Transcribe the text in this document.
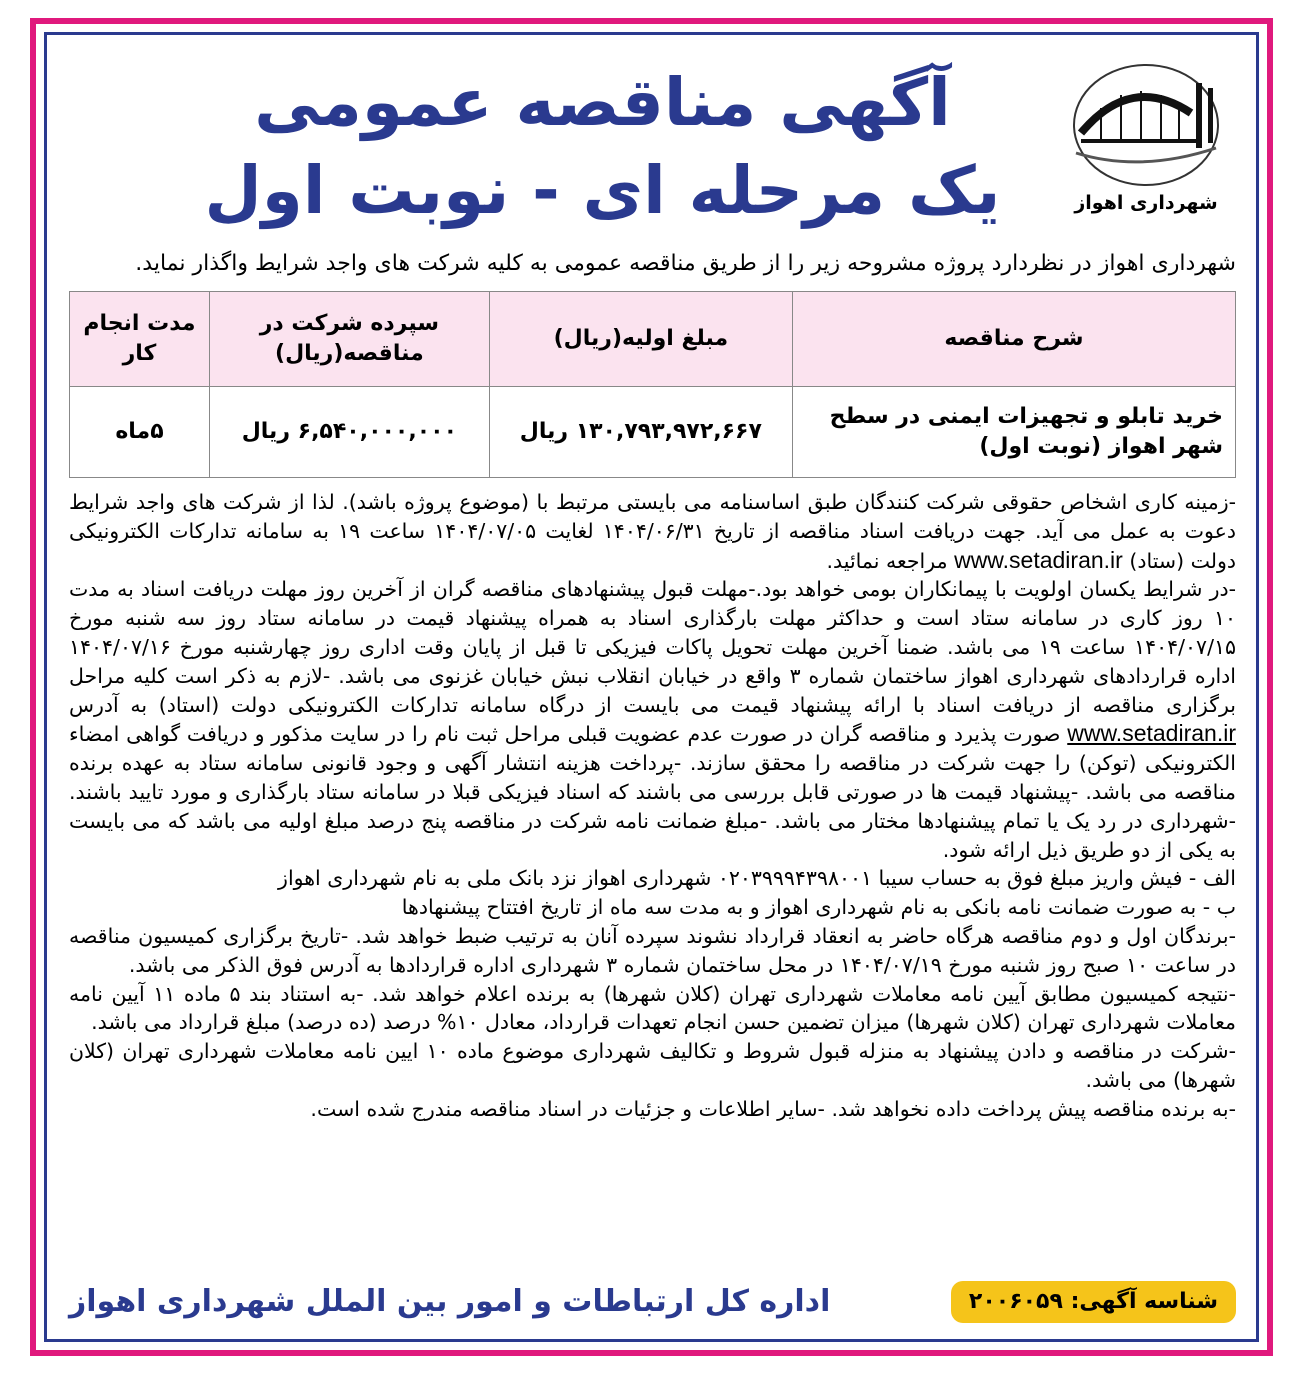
شهرداری اهواز
آگهی مناقصه عمومی
یک مرحله ای - نوبت اول
شهرداری اهواز در نظردارد پروژه مشروحه زیر را از طریق مناقصه عمومی به کلیه شرکت های واجد شرایط واگذار نماید.
شرح مناقصه	مبلغ اولیه(ریال)	سپرده شرکت در مناقصه(ریال)	مدت انجام کار
خرید تابلو و تجهیزات ایمنی در سطح شهر اهواز (نوبت اول)	۱۳۰,۷۹۳,۹۷۲,۶۶۷ ریال	۶,۵۴۰,۰۰۰,۰۰۰ ریال	۵ماه

-زمینه کاری اشخاص حقوقی شرکت کنندگان طبق اساسنامه می بایستی مرتبط با (موضوع پروژه باشد). لذا از شرکت های واجد شرایط دعوت به عمل می آید. جهت دریافت اسناد مناقصه از تاریخ ۱۴۰۴/۰۶/۳۱ لغایت ۱۴۰۴/۰۷/۰۵ ساعت ۱۹ به سامانه تدارکات الکترونیکی دولت (ستاد) www.setadiran.ir مراجعه نمائید.

-در شرایط یکسان اولویت با پیمانکاران بومی خواهد بود.-مهلت قبول پیشنهادهای مناقصه گران از آخرین روز مهلت دریافت اسناد به مدت ۱۰ روز کاری در سامانه ستاد است و حداکثر مهلت بارگذاری اسناد به همراه پیشنهاد قیمت در سامانه ستاد روز سه شنبه مورخ ۱۴۰۴/۰۷/۱۵ ساعت ۱۹ می باشد. ضمنا آخرین مهلت تحویل پاکات فیزیکی تا قبل از پایان وقت اداری روز چهارشنبه مورخ ۱۴۰۴/۰۷/۱۶ اداره قراردادهای شهرداری اهواز ساختمان شماره ۳ واقع در خیابان انقلاب نبش خیابان غزنوی می باشد. -لازم به ذکر است کلیه مراحل برگزاری مناقصه از دریافت اسناد با ارائه پیشنهاد قیمت می بایست از درگاه سامانه تدارکات الکترونیکی دولت (استاد) به آدرس www.setadiran.ir صورت پذیرد و مناقصه گران در صورت عدم عضویت قبلی مراحل ثبت نام را در سایت مذکور و دریافت گواهی امضاء الکترونیکی (توکن) را جهت شرکت در مناقصه را محقق سازند. -پرداخت هزینه انتشار آگهی و وجود قانونی سامانه ستاد به عهده برنده مناقصه می باشد. -پیشنهاد قیمت ها در صورتی قابل بررسی می باشند که اسناد فیزیکی قبلا در سامانه ستاد بارگذاری و مورد تایید باشند. -شهرداری در رد یک یا تمام پیشنهادها مختار می باشد. -مبلغ ضمانت نامه شرکت در مناقصه پنج درصد مبلغ اولیه می باشد که می بایست به یکی از دو طریق ذیل ارائه شود.

الف - فیش واریز مبلغ فوق به حساب سیبا ۰۲۰۳۹۹۹۴۳۹۸۰۰۱ شهرداری اهواز نزد بانک ملی به نام شهرداری اهواز

ب - به صورت ضمانت نامه بانکی به نام شهرداری اهواز و به مدت سه ماه از تاریخ افتتاح پیشنهادها

-برندگان اول و دوم مناقصه هرگاه حاضر به انعقاد قرارداد نشوند سپرده آنان به ترتیب ضبط خواهد شد. -تاریخ برگزاری کمیسیون مناقصه در ساعت ۱۰ صبح روز شنبه مورخ ۱۴۰۴/۰۷/۱۹ در محل ساختمان شماره ۳ شهرداری اداره قراردادها به آدرس فوق الذکر می باشد.

-نتیجه کمیسیون مطابق آیین نامه معاملات شهرداری تهران (کلان شهرها) به برنده اعلام خواهد شد. -به استناد بند ۵ ماده ۱۱ آیین نامه معاملات شهرداری تهران (کلان شهرها) میزان تضمین حسن انجام تعهدات قرارداد، معادل ۱۰% درصد (ده درصد) مبلغ قرارداد می باشد.

-شرکت در مناقصه و دادن پیشنهاد به منزله قبول شروط و تکالیف شهرداری موضوع ماده ۱۰ ایین نامه معاملات شهرداری تهران (کلان شهرها) می باشد.

-به برنده مناقصه پیش پرداخت داده نخواهد شد. -سایر اطلاعات و جزئیات در اسناد مناقصه مندرج شده است.

اداره کل ارتباطات و امور بین الملل شهرداری اهواز	شناسه آگهی: ۲۰۰۶۰۵۹
